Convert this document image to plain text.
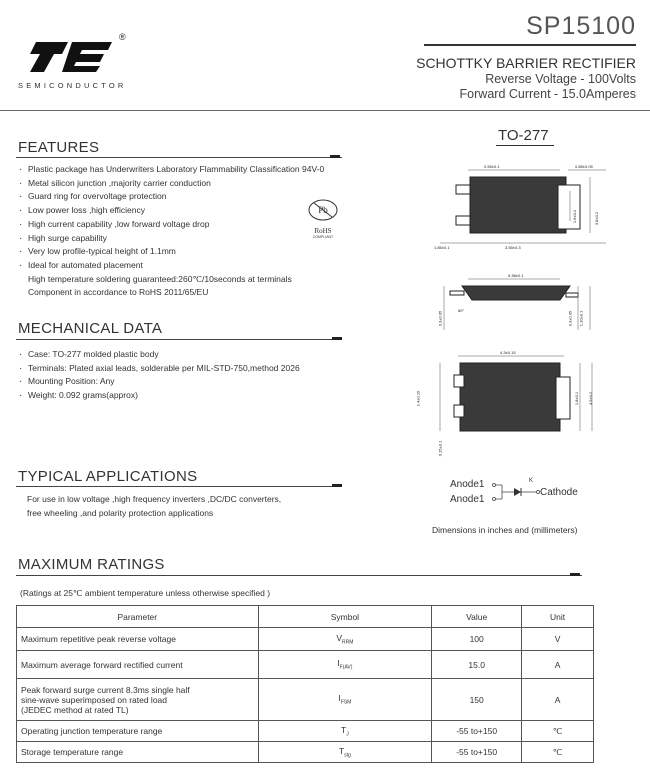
®
SEMICONDUCTOR
SP15100
SCHOTTKY BARRIER RECTIFIER
Reverse Voltage - 100Volts
Forward Current - 15.0Amperes
FEATURES
· Plastic package has Underwriters Laboratory Flammability Classification 94V-0
· Metal silicon junction ,majority carrier conduction
· Guard ring for overvoltage protection
· Low power loss ,high efficiency
· High current capability ,low forward voltage drop
· High surge capability
· Very low profile-typical height of 1.1mm
· Ideal for automated placement
High temperature soldering guaranteed:260℃/10seconds at terminals
Component in accordance to RoHS 2011/65/EU
Pb
RoHS
COMPLIANT
MECHANICAL DATA
· Case: TO-277 molded plastic body
· Terminals: Plated axial leads, solderable per MIL-STD-750,method 2026
· Mounting Position: Any
· Weight: 0.092 grams(approx)
TYPICAL APPLICATIONS
For use in low voltage ,high frequency inverters ,DC/DC converters,
free wheeling ,and polarity protection applications
TO-277
0.55±0.1	0.85±0.05
1.85±0.1	3.55±0.3
3.8±0.2
1.6±0.1
5.38±0.1
0.3±0.05	1.10±0.1
0.3±0.05
80°
4.3±0.15
1.4±0.15	1.8±0.1 4.5±0.2
0.15±0.1
Anode1
Anode1
K
Cathode
Dimensions in inches and (millimeters)
MAXIMUM RATINGS
(Ratings at 25℃ ambient temperature unless otherwise specified )
Parameter	Symbol	Value	Unit
Maximum repetitive peak reverse voltage	$V_{RRM}$	100	V
Maximum average forward rectified current	$I_{F(AV)}$	15.0	A
Peak forward surge current 8.3ms single half
sine-wave superimposed on rated load
(JEDEC method at rated TL)	$I_{FSM}$	150	A
Operating junction temperature range	$T_J$	-55 to+150	℃
Storage temperature range	$T_{stg}$	-55 to+150	℃
